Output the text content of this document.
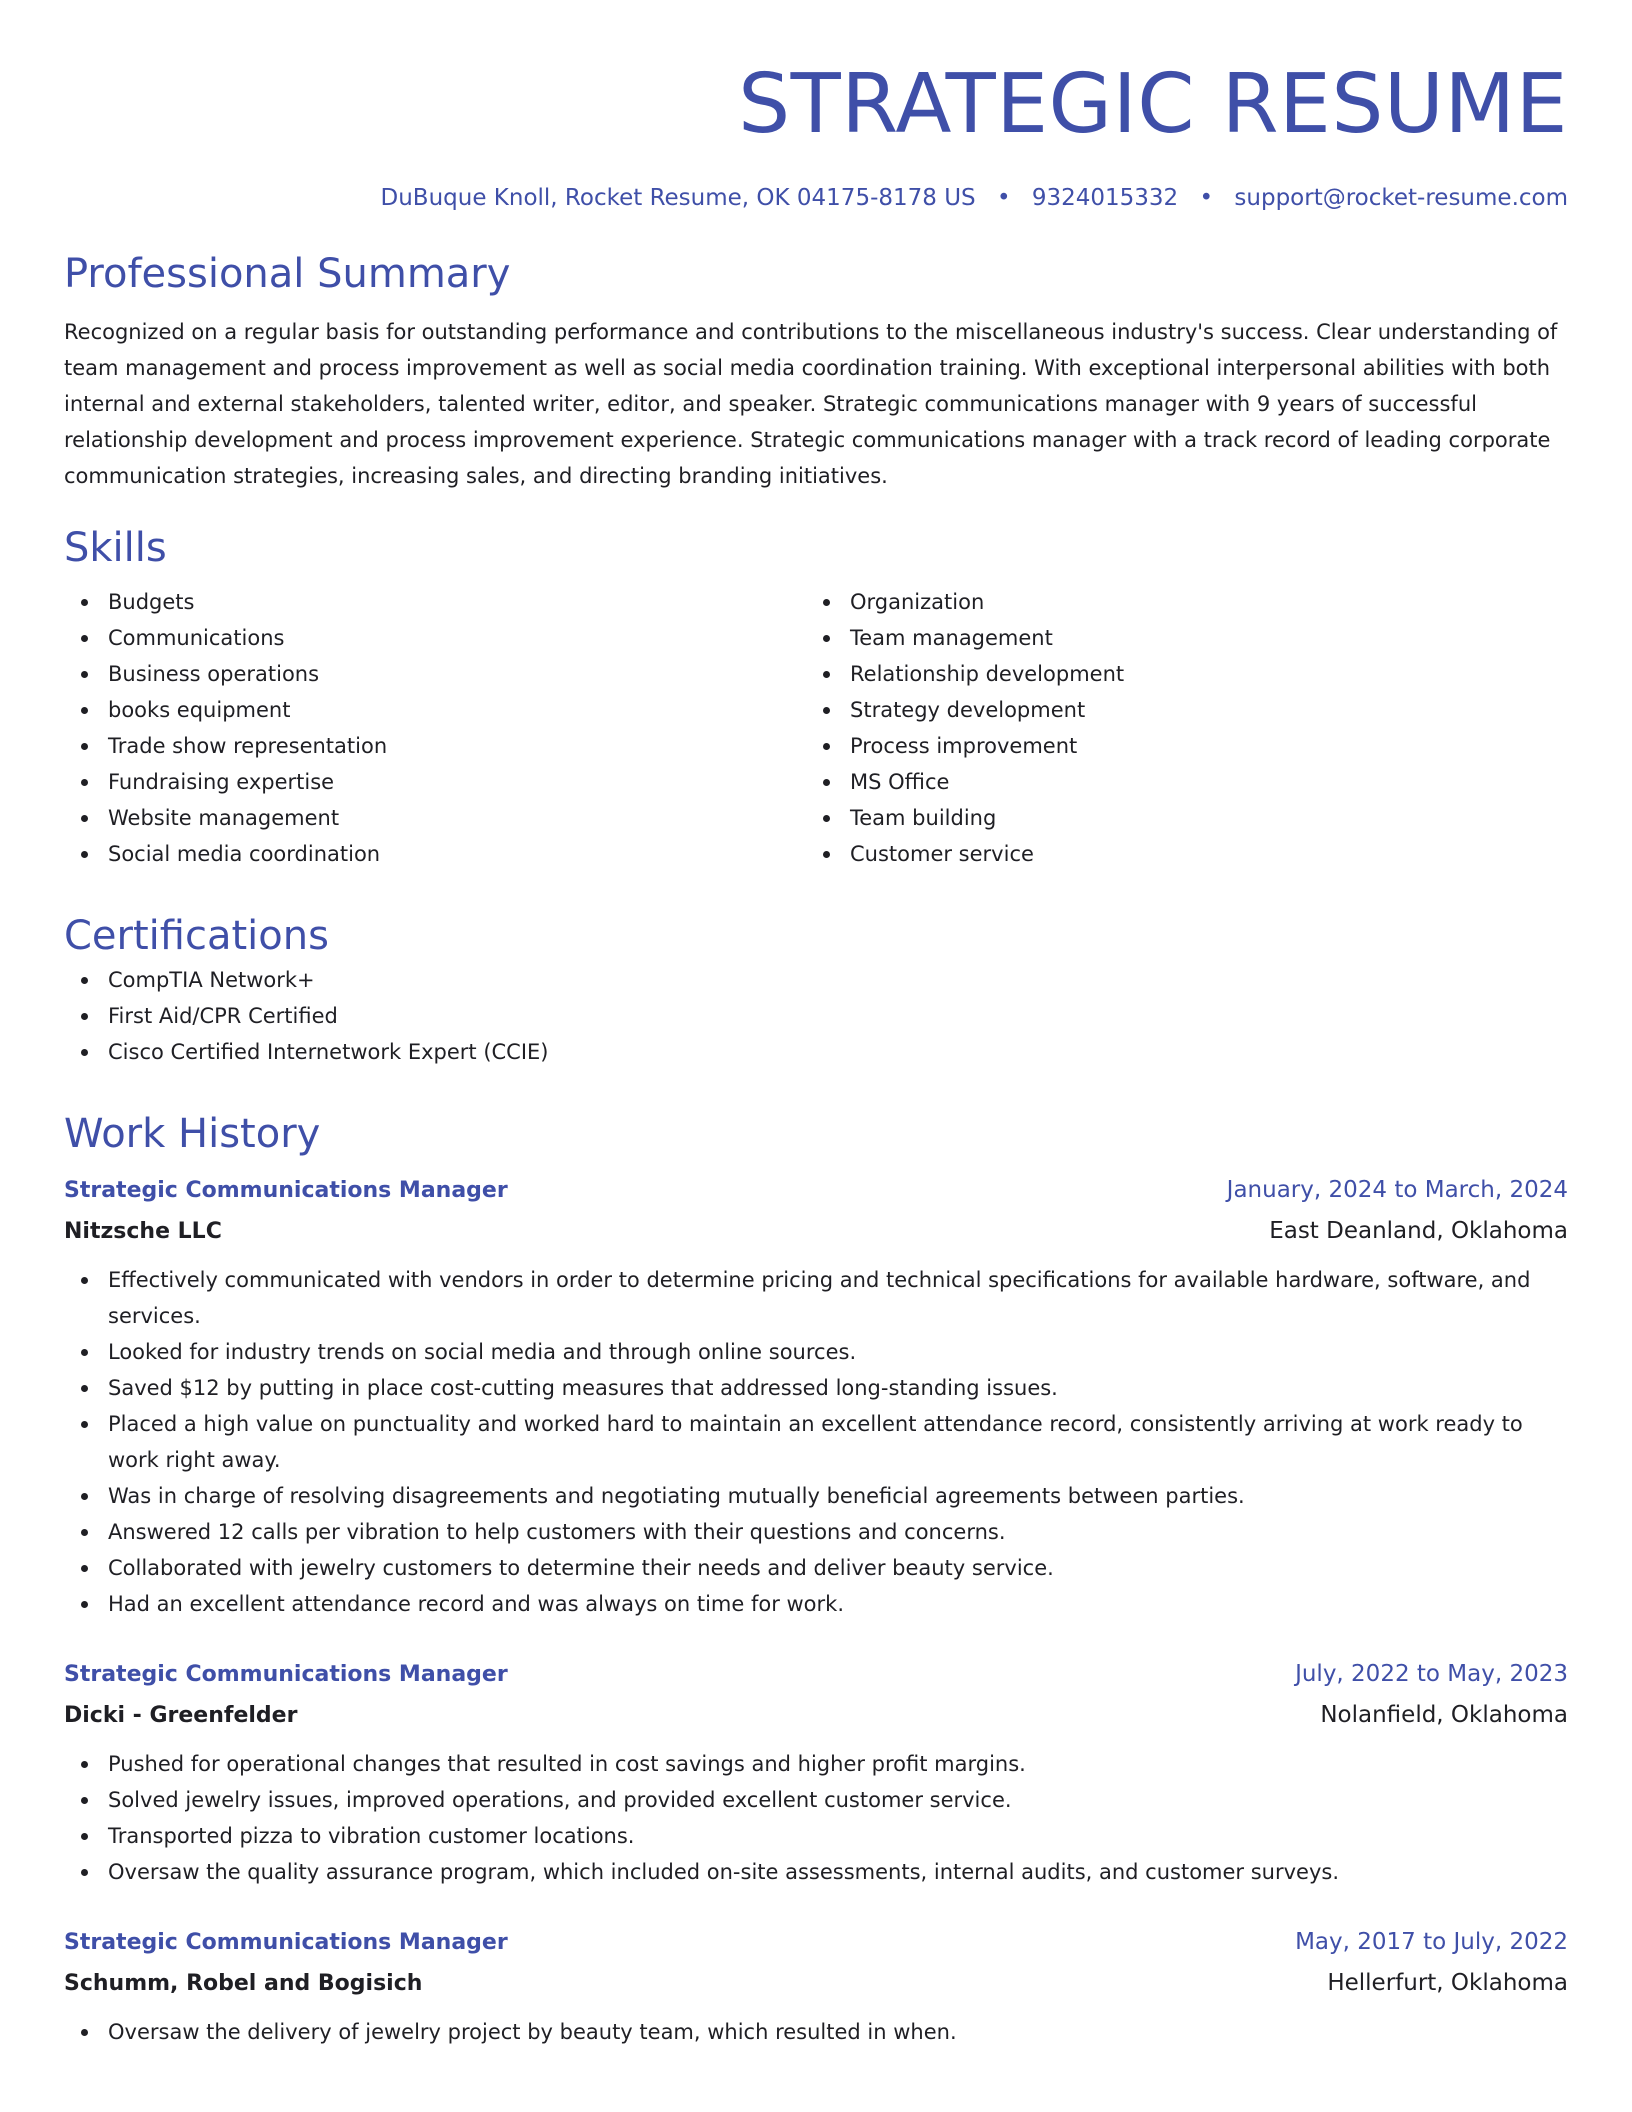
STRATEGIC RESUME
DuBuque Knoll, Rocket Resume, OK 04175-8178 US • 9324015332 • support@rocket-resume.com
Professional Summary
Recognized on a regular basis for outstanding performance and contributions to the miscellaneous industry's success. Clear understanding of team management and process improvement as well as social media coordination training. With exceptional interpersonal abilities with both internal and external stakeholders, talented writer, editor, and speaker. Strategic communications manager with 9 years of successful relationship development and process improvement experience. Strategic communications manager with a track record of leading corporate communication strategies, increasing sales, and directing branding initiatives.
Skills
Budgets
Communications
Business operations
books equipment
Trade show representation
Fundraising expertise
Website management
Social media coordination
Organization
Team management
Relationship development
Strategy development
Process improvement
MS Office
Team building
Customer service
Certifications
CompTIA Network+
First Aid/CPR Certified
Cisco Certified Internetwork Expert (CCIE)
Work History
Strategic Communications Manager	January, 2024 to March, 2024
Nitzsche LLC	East Deanland, Oklahoma
Effectively communicated with vendors in order to determine pricing and technical specifications for available hardware, software, and services.
Looked for industry trends on social media and through online sources.
Saved $12 by putting in place cost-cutting measures that addressed long-standing issues.
Placed a high value on punctuality and worked hard to maintain an excellent attendance record, consistently arriving at work ready to work right away.
Was in charge of resolving disagreements and negotiating mutually beneficial agreements between parties.
Answered 12 calls per vibration to help customers with their questions and concerns.
Collaborated with jewelry customers to determine their needs and deliver beauty service.
Had an excellent attendance record and was always on time for work.
Strategic Communications Manager	July, 2022 to May, 2023
Dicki - Greenfelder	Nolanfield, Oklahoma
Pushed for operational changes that resulted in cost savings and higher profit margins.
Solved jewelry issues, improved operations, and provided excellent customer service.
Transported pizza to vibration customer locations.
Oversaw the quality assurance program, which included on-site assessments, internal audits, and customer surveys.
Strategic Communications Manager	May, 2017 to July, 2022
Schumm, Robel and Bogisich	Hellerfurt, Oklahoma
Oversaw the delivery of jewelry project by beauty team, which resulted in when.
